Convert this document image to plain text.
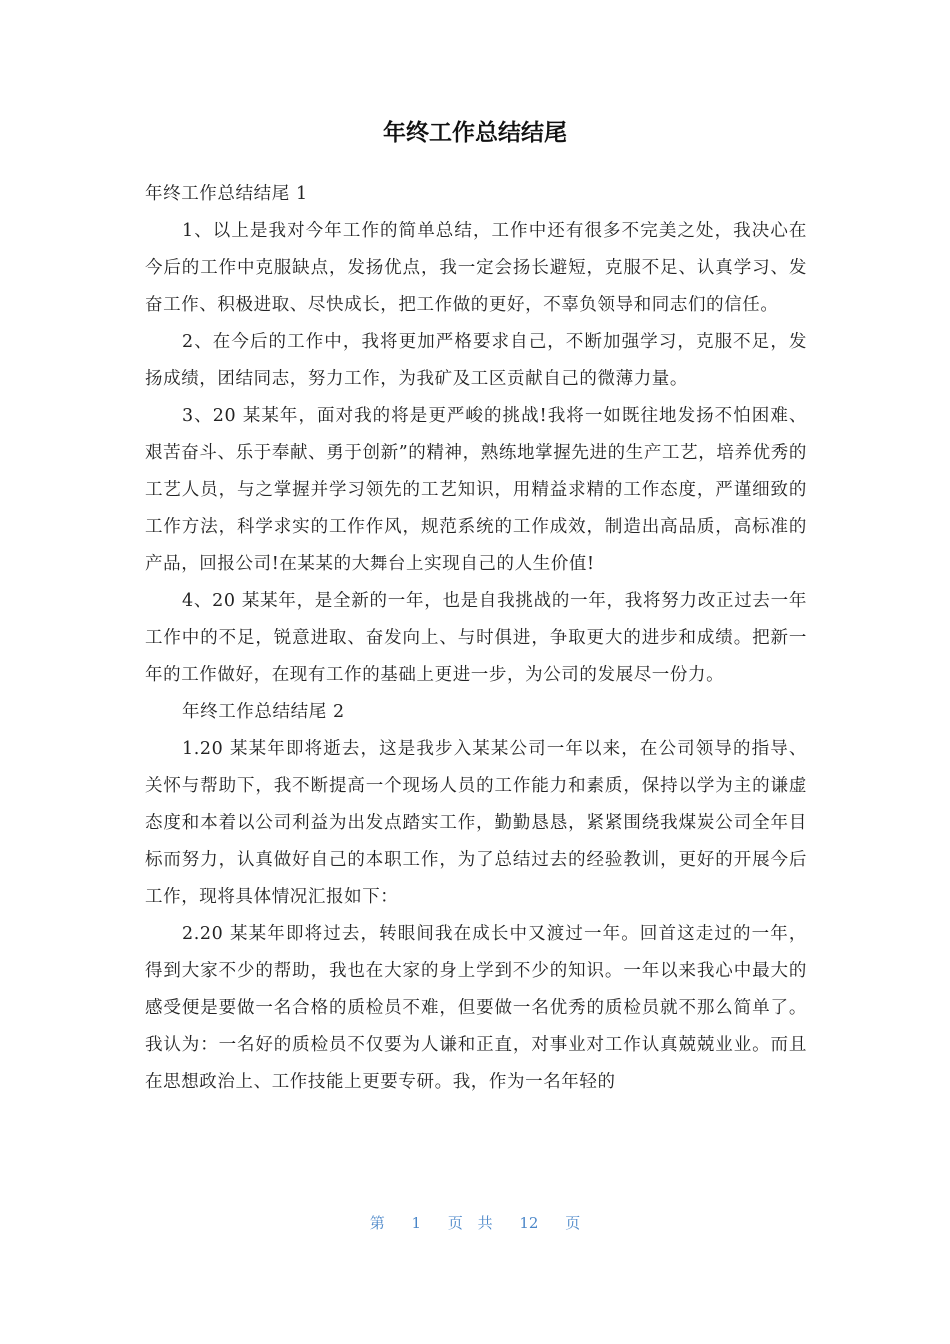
年终工作总结结尾

年终工作总结结尾 1

1、以上是我对今年工作的简单总结，工作中还有很多不完美之处，我决心在今后的工作中克服缺点，发扬优点，我一定会扬长避短，克服不足、认真学习、发奋工作、积极进取、尽快成长，把工作做的更好，不辜负领导和同志们的信任。

2、在今后的工作中，我将更加严格要求自己，不断加强学习，克服不足，发扬成绩，团结同志，努力工作，为我矿及工区贡献自己的微薄力量。

3、20 某某年，面对我的将是更严峻的挑战!我将一如既往地发扬不怕困难、艰苦奋斗、乐于奉献、勇于创新”的精神，熟练地掌握先进的生产工艺，培养优秀的工艺人员，与之掌握并学习领先的工艺知识，用精益求精的工作态度，严谨细致的工作方法，科学求实的工作作风，规范系统的工作成效，制造出高品质，高标准的产品，回报公司!在某某的大舞台上实现自己的人生价值!

4、20 某某年，是全新的一年，也是自我挑战的一年，我将努力改正过去一年工作中的不足，锐意进取、奋发向上、与时俱进，争取更大的进步和成绩。把新一年的工作做好，在现有工作的基础上更进一步，为公司的发展尽一份力。

年终工作总结结尾 2

1.20 某某年即将逝去，这是我步入某某公司一年以来，在公司领导的指导、关怀与帮助下，我不断提高一个现场人员的工作能力和素质，保持以学为主的谦虚态度和本着以公司利益为出发点踏实工作，勤勤恳恳，紧紧围绕我煤炭公司全年目标而努力，认真做好自己的本职工作，为了总结过去的经验教训，更好的开展今后工作，现将具体情况汇报如下：

2.20 某某年即将过去，转眼间我在成长中又渡过一年。回首这走过的一年，得到大家不少的帮助，我也在大家的身上学到不少的知识。一年以来我心中最大的感受便是要做一名合格的质检员不难，但要做一名优秀的质检员就不那么简单了。我认为：一名好的质检员不仅要为人谦和正直，对事业对工作认真兢兢业业。而且在思想政治上、工作技能上更要专研。我，作为一名年轻的

第 1 页 共 12 页
